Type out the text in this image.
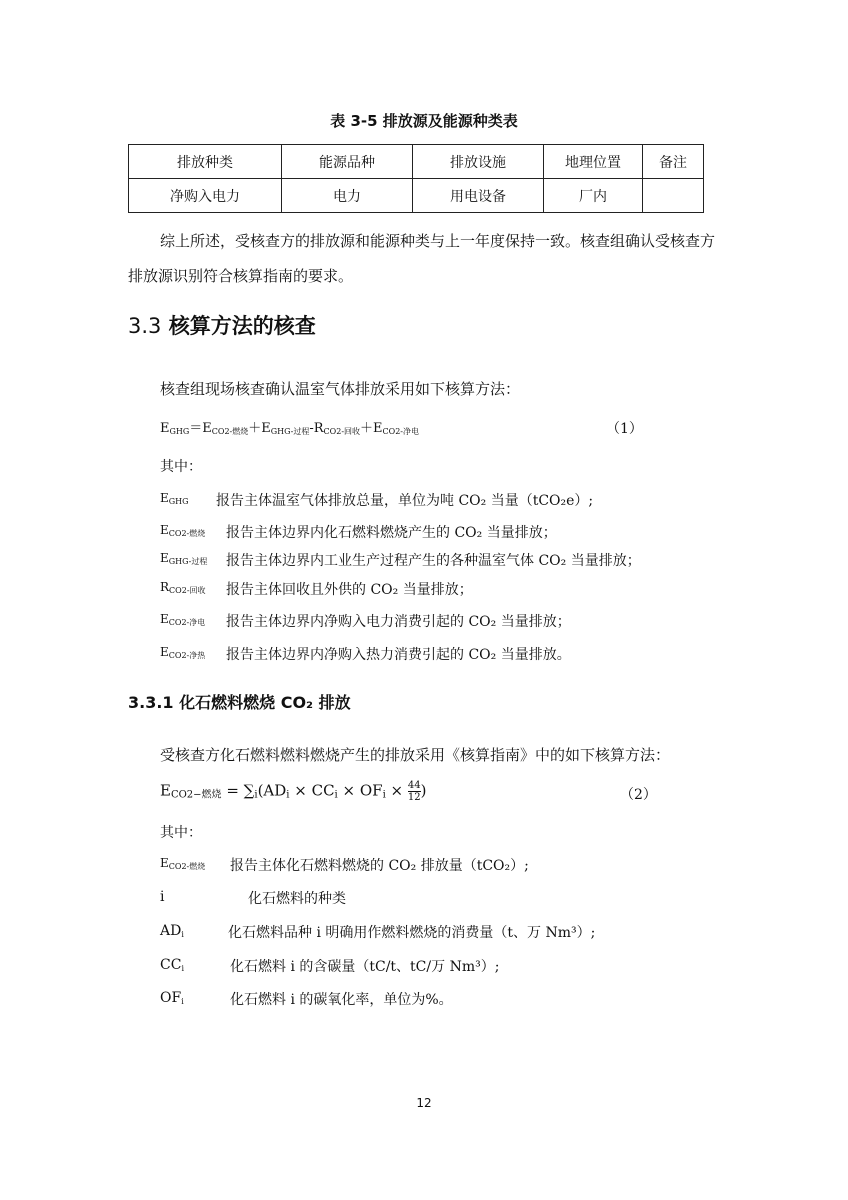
表 3-5 排放源及能源种类表
排放种类	能源品种	排放设施	地理位置	备注
净购入电力	电力	用电设备	厂内	
综上所述，受核查方的排放源和能源种类与上一年度保持一致。核查组确认受核查方排放源识别符合核算指南的要求。
3.3 核算方法的核查
核查组现场核查确认温室气体排放采用如下核算方法：
$E_{GHG}=E_{CO2-燃烧}+E_{GHG-过程}-R_{CO2-回收}+E_{CO2-净电}$	（1）
其中：
$E_{GHG}$ 报告主体温室气体排放总量，单位为吨 CO₂ 当量（tCO₂e）;
$E_{CO2-燃烧}$ 报告主体边界内化石燃料燃烧产生的 CO₂ 当量排放；
$E_{GHG-过程}$ 报告主体边界内工业生产过程产生的各种温室气体 CO₂ 当量排放；
$R_{CO2-回收}$ 报告主体回收且外供的 CO₂ 当量排放；
$E_{CO2-净电}$ 报告主体边界内净购入电力消费引起的 CO₂ 当量排放；
$E_{CO2-净热}$ 报告主体边界内净购入热力消费引起的 CO₂ 当量排放。
3.3.1 化石燃料燃烧 CO₂ 排放
受核查方化石燃料燃料燃烧产生的排放采用《核算指南》中的如下核算方法：
$E_{CO2-燃烧} = \sum_i(AD_i \times CC_i \times OF_i \times \frac{44}{12}$ )	（2）
其中：
$E_{CO2-燃烧}$ 报告主体化石燃料燃烧的 CO₂ 排放量（tCO₂）;
i	化石燃料的种类
$AD_i$	化石燃料品种 i 明确用作燃料燃烧的消费量（t、万 Nm³）;
$CC_i$	化石燃料 i 的含碳量（tC/t、tC/万 Nm³）;
$OF_i$	化石燃料 i 的碳氧化率，单位为%。
12
